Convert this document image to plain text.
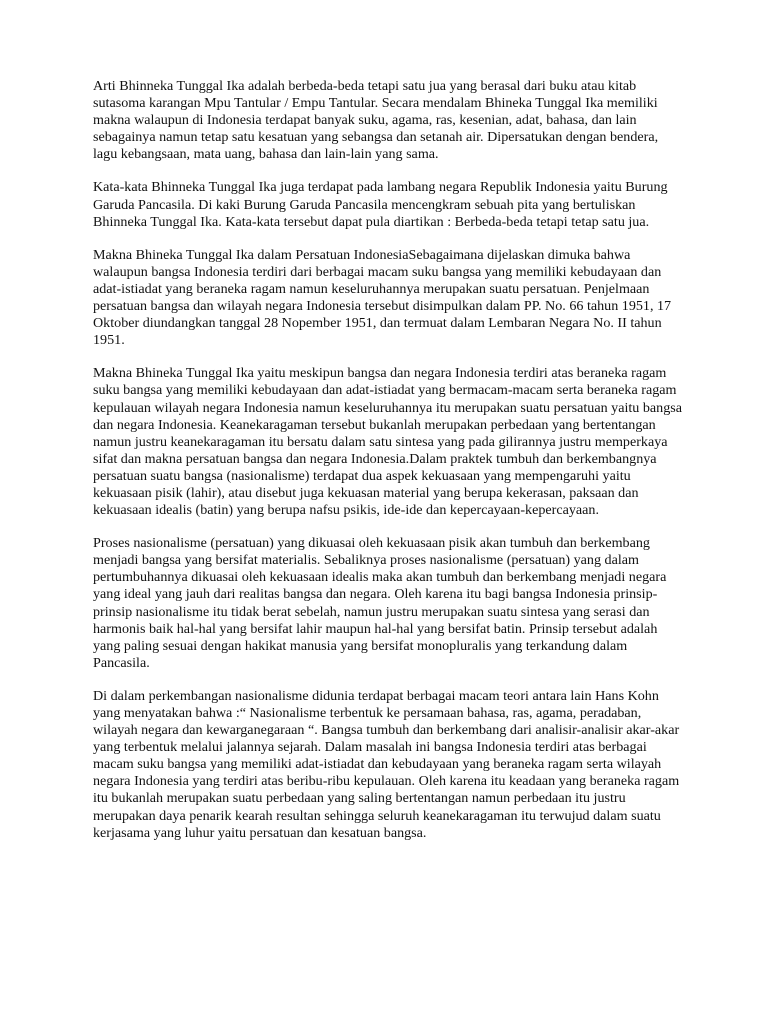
Arti Bhinneka Tunggal Ika adalah berbeda-beda tetapi satu jua yang berasal dari buku atau kitab sutasoma karangan Mpu Tantular / Empu Tantular. Secara mendalam Bhineka Tunggal Ika memiliki makna walaupun di Indonesia terdapat banyak suku, agama, ras, kesenian, adat, bahasa, dan lain sebagainya namun tetap satu kesatuan yang sebangsa dan setanah air. Dipersatukan dengan bendera, lagu kebangsaan, mata uang, bahasa dan lain-lain yang sama.

Kata-kata Bhinneka Tunggal Ika juga terdapat pada lambang negara Republik Indonesia yaitu Burung Garuda Pancasila. Di kaki Burung Garuda Pancasila mencengkram sebuah pita yang bertuliskan Bhinneka Tunggal Ika. Kata-kata tersebut dapat pula diartikan : Berbeda-beda tetapi tetap satu jua.

Makna Bhineka Tunggal Ika dalam Persatuan IndonesiaSebagaimana dijelaskan dimuka bahwa walaupun bangsa Indonesia terdiri dari berbagai macam suku bangsa yang memiliki kebudayaan dan adat-istiadat yang beraneka ragam namun keseluruhannya merupakan suatu persatuan. Penjelmaan persatuan bangsa dan wilayah negara Indonesia tersebut disimpulkan dalam PP. No. 66 tahun 1951, 17 Oktober diundangkan tanggal 28 Nopember 1951, dan termuat dalam Lembaran Negara No. II tahun 1951.

Makna Bhineka Tunggal Ika yaitu meskipun bangsa dan negara Indonesia terdiri atas beraneka ragam suku bangsa yang memiliki kebudayaan dan adat-istiadat yang bermacam-macam serta beraneka ragam kepulauan wilayah negara Indonesia namun keseluruhannya itu merupakan suatu persatuan yaitu bangsa dan negara Indonesia. Keanekaragaman tersebut bukanlah merupakan perbedaan yang bertentangan namun justru keanekaragaman itu bersatu dalam satu sintesa yang pada gilirannya justru memperkaya sifat dan makna persatuan bangsa dan negara Indonesia.Dalam praktek tumbuh dan berkembangnya persatuan suatu bangsa (nasionalisme) terdapat dua aspek kekuasaan yang mempengaruhi yaitu kekuasaan pisik (lahir), atau disebut juga kekuasan material yang berupa kekerasan, paksaan dan kekuasaan idealis (batin) yang berupa nafsu psikis, ide-ide dan kepercayaan-kepercayaan.

Proses nasionalisme (persatuan) yang dikuasai oleh kekuasaan pisik akan tumbuh dan berkembang menjadi bangsa yang bersifat materialis. Sebaliknya proses nasionalisme (persatuan) yang dalam pertumbuhannya dikuasai oleh kekuasaan idealis maka akan tumbuh dan berkembang menjadi negara yang ideal yang jauh dari realitas bangsa dan negara. Oleh karena itu bagi bangsa Indonesia prinsip-prinsip nasionalisme itu tidak berat sebelah, namun justru merupakan suatu sintesa yang serasi dan harmonis baik hal-hal yang bersifat lahir maupun hal-hal yang bersifat batin. Prinsip tersebut adalah yang paling sesuai dengan hakikat manusia yang bersifat monopluralis yang terkandung dalam Pancasila.

Di dalam perkembangan nasionalisme didunia terdapat berbagai macam teori antara lain Hans Kohn yang menyatakan bahwa :“ Nasionalisme terbentuk ke persamaan bahasa, ras, agama, peradaban, wilayah negara dan kewarganegaraan “. Bangsa tumbuh dan berkembang dari analisir-analisir akar-akar yang terbentuk melalui jalannya sejarah. Dalam masalah ini bangsa Indonesia terdiri atas berbagai macam suku bangsa yang memiliki adat-istiadat dan kebudayaan yang beraneka ragam serta wilayah negara Indonesia yang terdiri atas beribu-ribu kepulauan. Oleh karena itu keadaan yang beraneka ragam itu bukanlah merupakan suatu perbedaan yang saling bertentangan namun perbedaan itu justru merupakan daya penarik kearah resultan sehingga seluruh keanekaragaman itu terwujud dalam suatu kerjasama yang luhur yaitu persatuan dan kesatuan bangsa.
